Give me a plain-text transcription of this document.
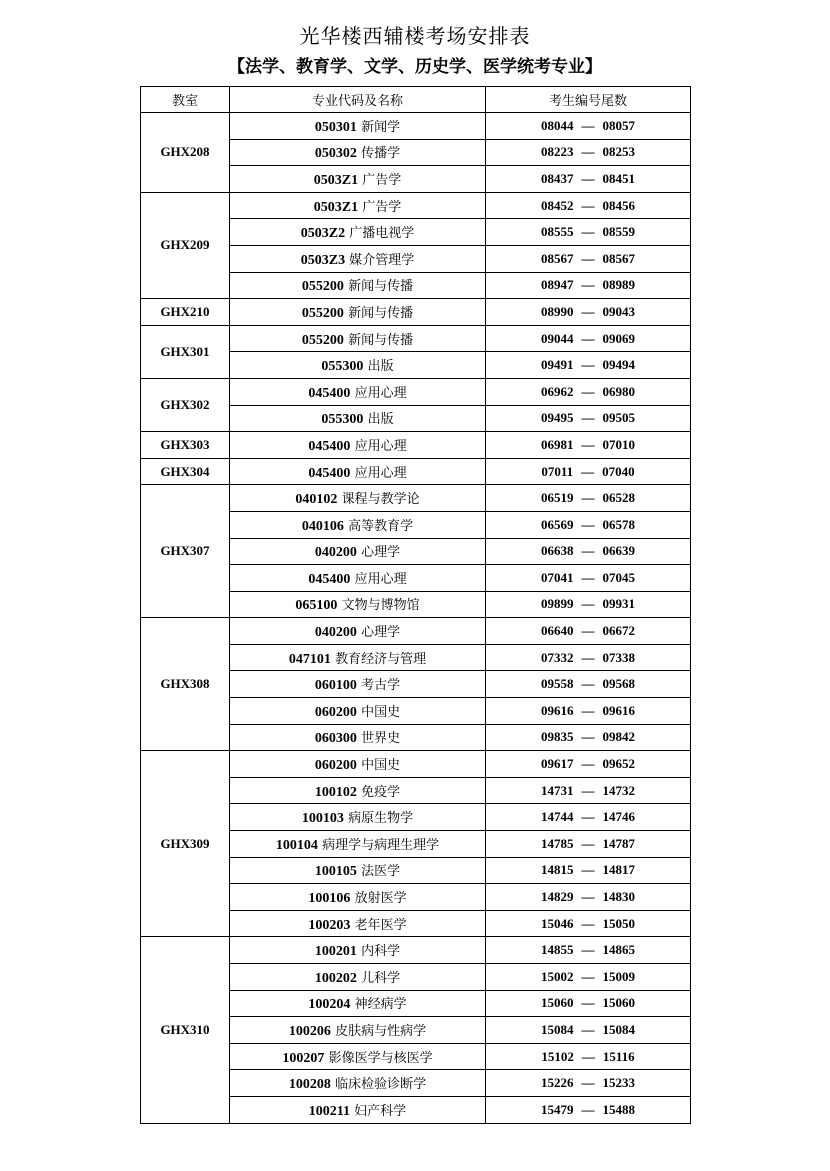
光华楼西辅楼考场安排表
【法学、教育学、文学、历史学、医学统考专业】
教室	专业代码及名称	考生编号尾数
GHX208	050301 新闻学	08044 — 08057
	050302 传播学	08223 — 08253
	0503Z1 广告学	08437 — 08451
GHX209	0503Z1 广告学	08452 — 08456
	0503Z2 广播电视学	08555 — 08559
	0503Z3 媒介管理学	08567 — 08567
	055200 新闻与传播	08947 — 08989
GHX210	055200 新闻与传播	08990 — 09043
GHX301	055200 新闻与传播	09044 — 09069
	055300 出版	09491 — 09494
GHX302	045400 应用心理	06962 — 06980
	055300 出版	09495 — 09505
GHX303	045400 应用心理	06981 — 07010
GHX304	045400 应用心理	07011 — 07040
GHX307	040102 课程与教学论	06519 — 06528
	040106 高等教育学	06569 — 06578
	040200 心理学	06638 — 06639
	045400 应用心理	07041 — 07045
	065100 文物与博物馆	09899 — 09931
GHX308	040200 心理学	06640 — 06672
	047101 教育经济与管理	07332 — 07338
	060100 考古学	09558 — 09568
	060200 中国史	09616 — 09616
	060300 世界史	09835 — 09842
GHX309	060200 中国史	09617 — 09652
	100102 免疫学	14731 — 14732
	100103 病原生物学	14744 — 14746
	100104 病理学与病理生理学	14785 — 14787
	100105 法医学	14815 — 14817
	100106 放射医学	14829 — 14830
	100203 老年医学	15046 — 15050
GHX310	100201 内科学	14855 — 14865
	100202 儿科学	15002 — 15009
	100204 神经病学	15060 — 15060
	100206 皮肤病与性病学	15084 — 15084
	100207 影像医学与核医学	15102 — 15116
	100208 临床检验诊断学	15226 — 15233
	100211 妇产科学	15479 — 15488
